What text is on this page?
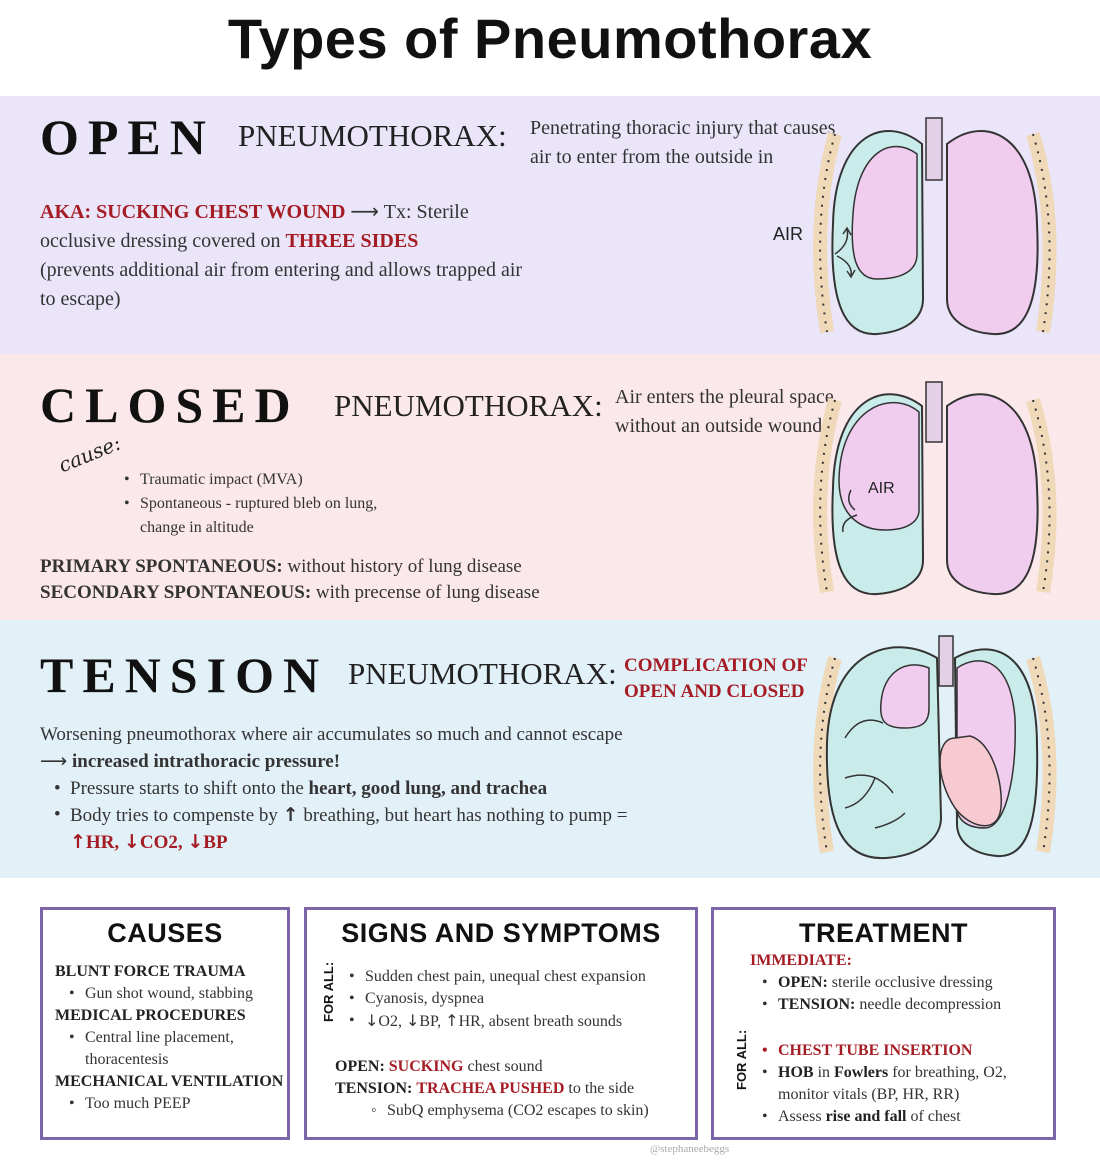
Types of Pneumothorax
OPEN PNEUMOTHORAX: Penetrating thoracic injury that causes air to enter from the outside in
AKA: SUCKING CHEST WOUND ⟶ Tx: Sterile
occlusive dressing covered on THREE SIDES
(prevents additional air from entering and allows trapped air to escape)
AIR
CLOSED PNEUMOTHORAX: Air enters the pleural space without an outside wound
cause:
• Traumatic impact (MVA)
• Spontaneous - ruptured bleb on lung, change in altitude
PRIMARY SPONTANEOUS: without history of lung disease
SECONDARY SPONTANEOUS: with precense of lung disease
AIR
TENSION PNEUMOTHORAX: COMPLICATION OF OPEN AND CLOSED
Worsening pneumothorax where air accumulates so much and cannot escape
⟶ increased intrathoracic pressure!
• Pressure starts to shift onto the heart, good lung, and trachea
• Body tries to compenste by ↑ breathing, but heart has nothing to pump = ↑HR, ↓CO2, ↓BP
CAUSES
BLUNT FORCE TRAUMA
• Gun shot wound, stabbing
MEDICAL PROCEDURES
• Central line placement, thoracentesis
MECHANICAL VENTILATION
• Too much PEEP
SIGNS AND SYMPTOMS
FOR ALL:	• Sudden chest pain, unequal chest expansion
• Cyanosis, dyspnea
• ↓O2, ↓BP, ↑HR, absent breath sounds
OPEN: SUCKING chest sound
TENSION: TRACHEA PUSHED to the side
◦ SubQ emphysema (CO2 escapes to skin)
TREATMENT
IMMEDIATE:
• OPEN: sterile occlusive dressing
• TENSION: needle decompression
FOR ALL:	• CHEST TUBE INSERTION
• HOB in Fowlers for breathing, O2, monitor vitals (BP, HR, RR)
• Assess rise and fall of chest
@stephaneebeggs
